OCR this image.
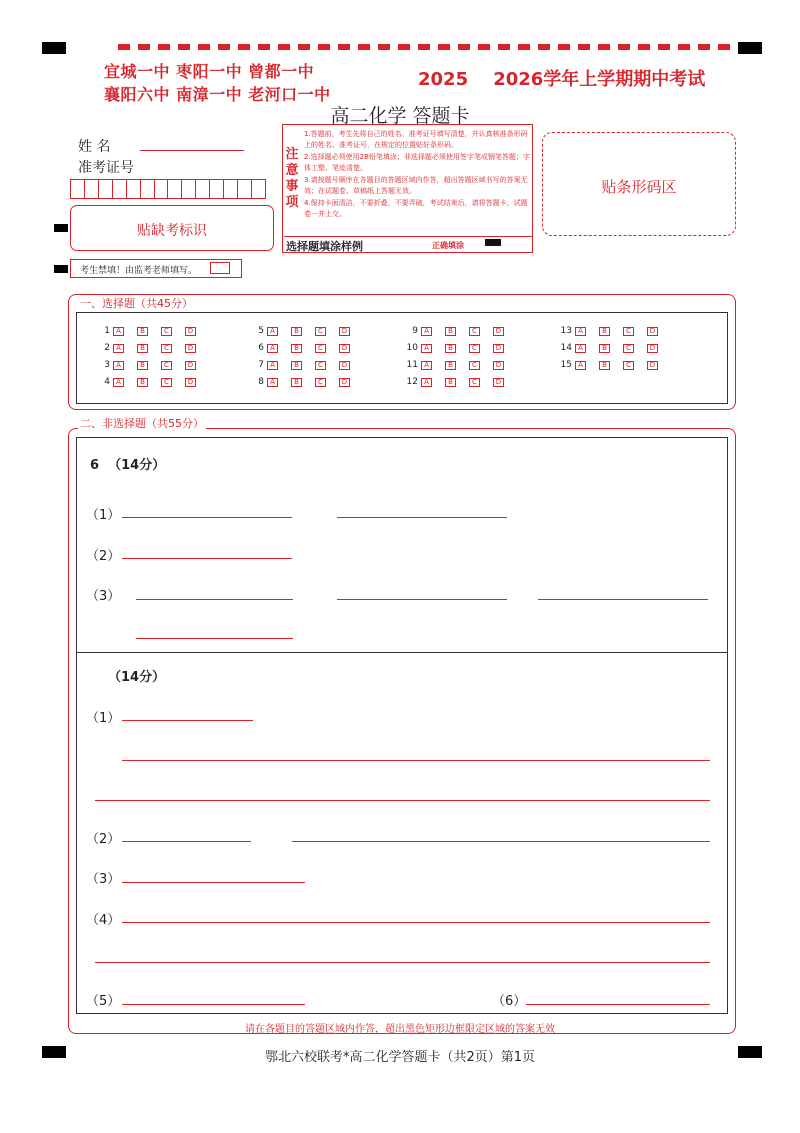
宜城一中 枣阳一中 曾都一中
襄阳六中 南漳一中 老河口一中
2025 2026学年上学期期中考试
高二化学 答题卡
姓 名
准考证号
贴缺考标识
考生禁填！由监考老师填写。
注意事项
1.答题前，考生先将自己的姓名、准考证号填写清楚，并认真核准条形码上的姓名、准考证号，在规定的位置贴好条形码。
2.选择题必须使用2B铅笔填涂；非选择题必须使用签字笔或钢笔答题；字体工整、笔迹清楚。
3.请按题号顺序在各题目的答题区域内作答，超出答题区域书写的答案无效；在试题卷、草稿纸上答题无效。
4.保持卡面清洁，不要折叠，不要弄破，考试结束后，请将答题卡，试题卷一并上交。
选择题填涂样例	正确填涂
贴条形码区
一、选择题（共45分）
1 A	B	C	D
2 A	B	C	D
3 A	B	C	D
4 A	B	C	D
5 A	B	C	D
6 A	B	C	D
7 A	B	C	D
8 A	B	C	D
9 A	B	C	D
10 A	B	C	D
11 A	B	C	D
12 A	B	C	D
13 A	B	C	D
14 A	B	C	D
15 A	B	C	D
二、非选择题（共55分）
6 （14分）
（1）
（2）
（3）
（14分）
（1）
（2）
（3）
（4）
（5）	（6）
请在各题目的答题区域内作答，超出黑色矩形边框限定区域的答案无效
鄂北六校联考*高二化学答题卡（共2页）第1页
